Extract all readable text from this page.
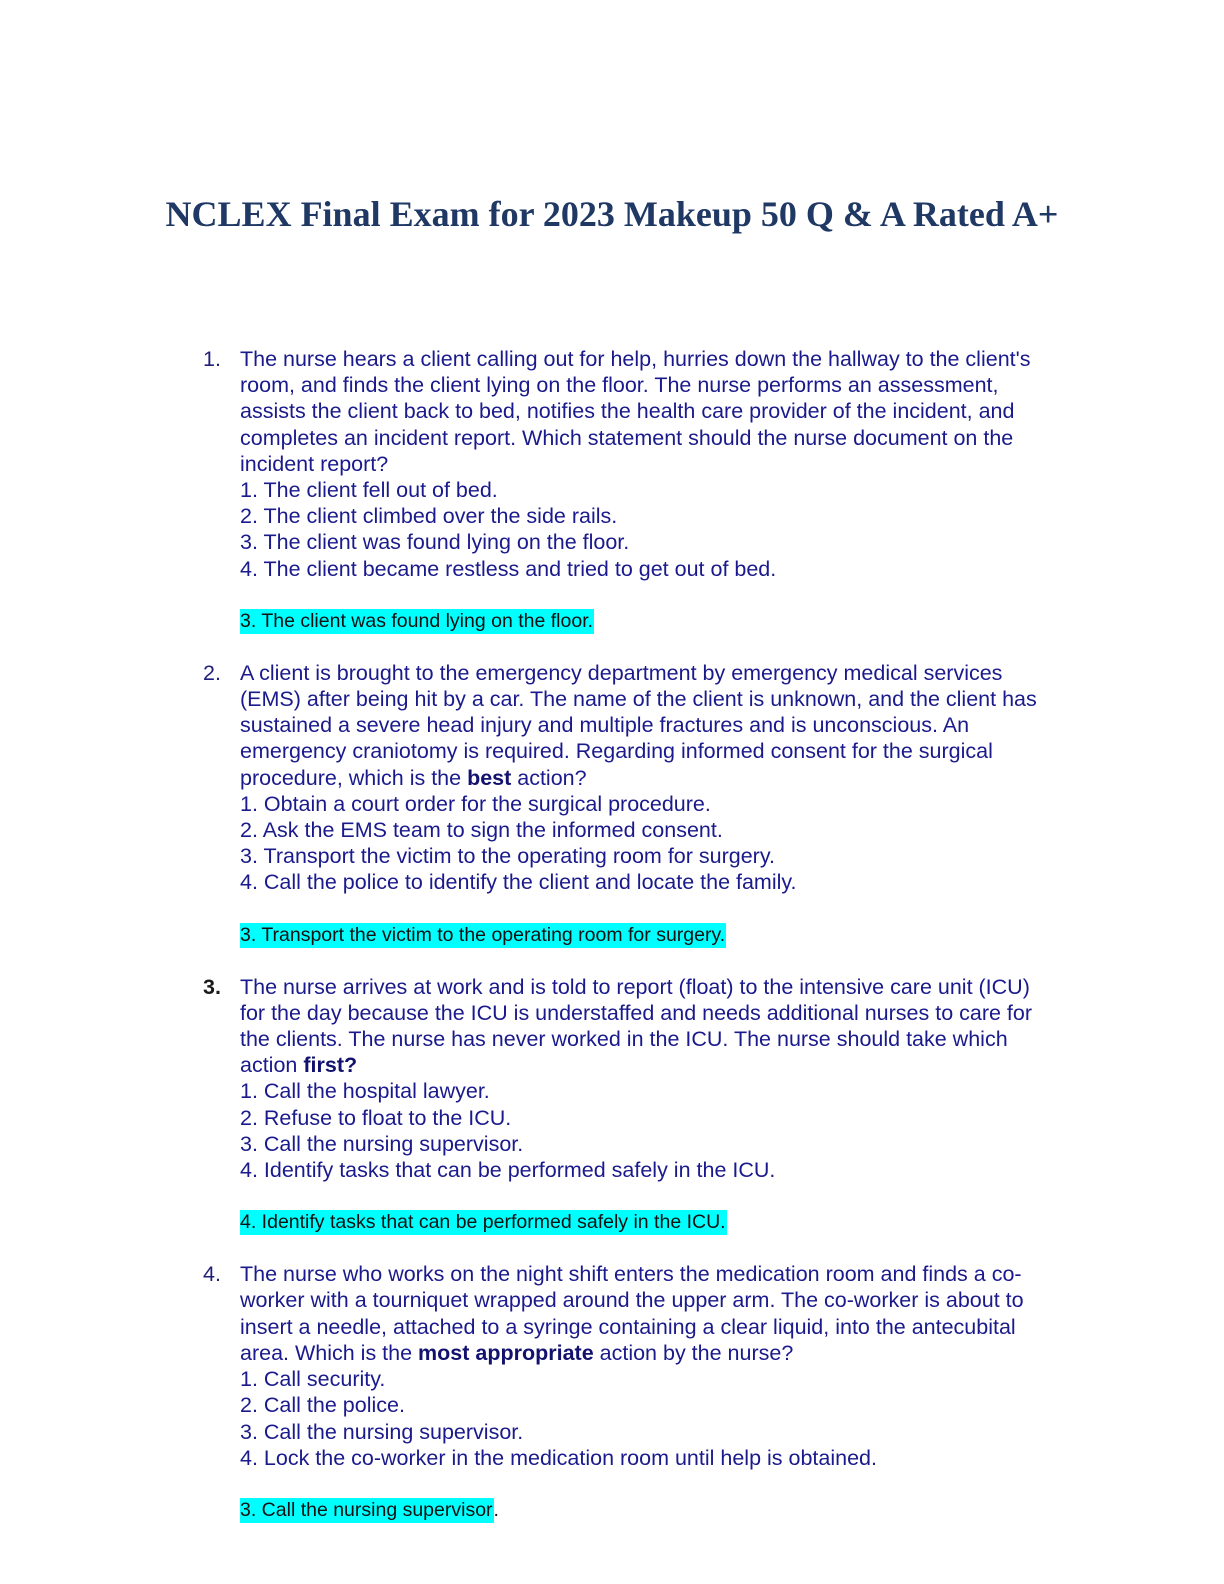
NCLEX Final Exam for 2023 Makeup 50 Q & A Rated A+
1. The nurse hears a client calling out for help, hurries down the hallway to the client's room, and finds the client lying on the floor. The nurse performs an assessment, assists the client back to bed, notifies the health care provider of the incident, and completes an incident report. Which statement should the nurse document on the incident report?
1. The client fell out of bed.
2. The client climbed over the side rails.
3. The client was found lying on the floor.
4. The client became restless and tried to get out of bed.
3. The client was found lying on the floor.
2. A client is brought to the emergency department by emergency medical services (EMS) after being hit by a car. The name of the client is unknown, and the client has sustained a severe head injury and multiple fractures and is unconscious. An emergency craniotomy is required. Regarding informed consent for the surgical procedure, which is the best action?
1. Obtain a court order for the surgical procedure.
2. Ask the EMS team to sign the informed consent.
3. Transport the victim to the operating room for surgery.
4. Call the police to identify the client and locate the family.
3. Transport the victim to the operating room for surgery.
3. The nurse arrives at work and is told to report (float) to the intensive care unit (ICU) for the day because the ICU is understaffed and needs additional nurses to care for the clients. The nurse has never worked in the ICU. The nurse should take which action first?
1. Call the hospital lawyer.
2. Refuse to float to the ICU.
3. Call the nursing supervisor.
4. Identify tasks that can be performed safely in the ICU.
4. Identify tasks that can be performed safely in the ICU.
4. The nurse who works on the night shift enters the medication room and finds a co-worker with a tourniquet wrapped around the upper arm. The co-worker is about to insert a needle, attached to a syringe containing a clear liquid, into the antecubital area. Which is the most appropriate action by the nurse?
1. Call security.
2. Call the police.
3. Call the nursing supervisor.
4. Lock the co-worker in the medication room until help is obtained.
3. Call the nursing supervisor.
